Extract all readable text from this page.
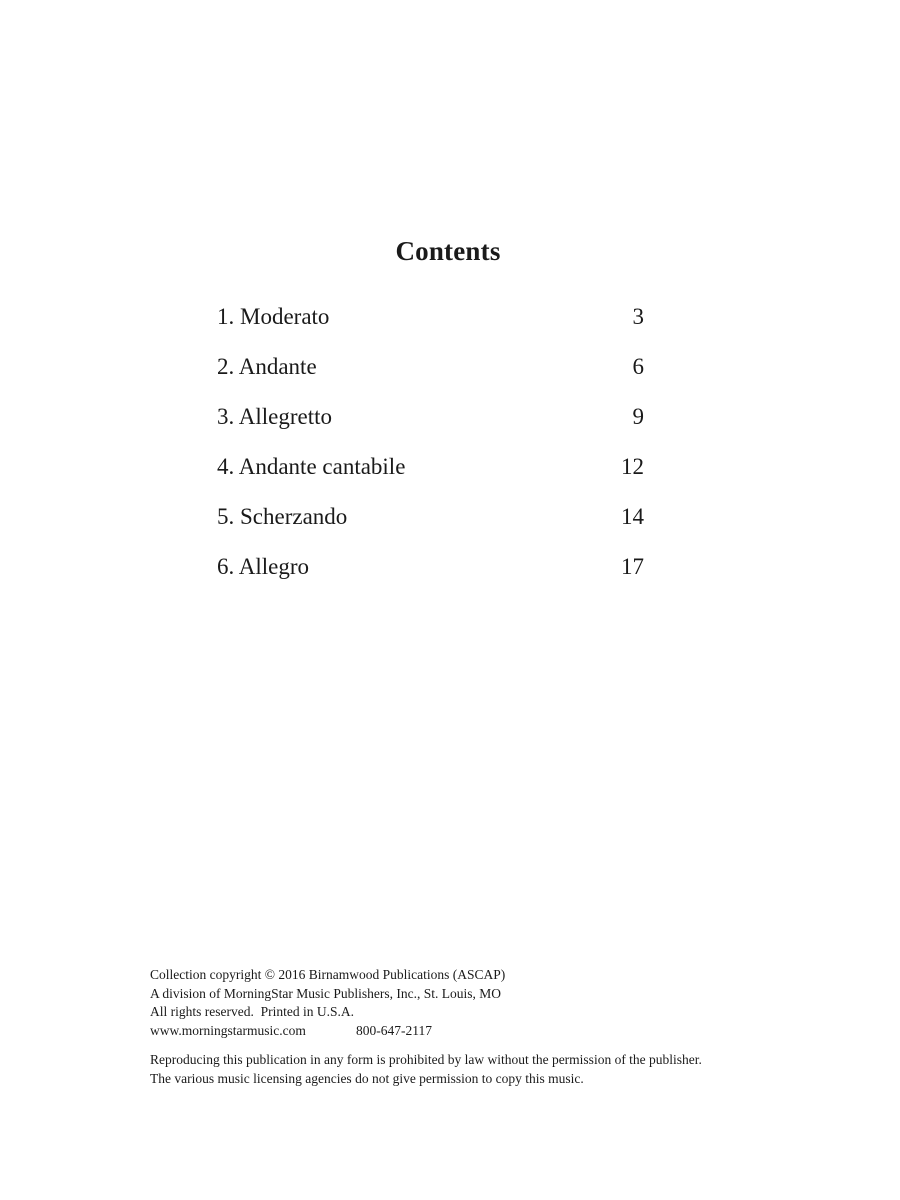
Contents
1. Moderato	3
2. Andante	6
3. Allegretto	9
4. Andante cantabile	12
5. Scherzando	14
6. Allegro	17
Collection copyright © 2016 Birnamwood Publications (ASCAP)
A division of MorningStar Music Publishers, Inc., St. Louis, MO
All rights reserved.  Printed in U.S.A.
www.morningstarmusic.com	800-647-2117
Reproducing this publication in any form is prohibited by law without the permission of the publisher.
The various music licensing agencies do not give permission to copy this music.
